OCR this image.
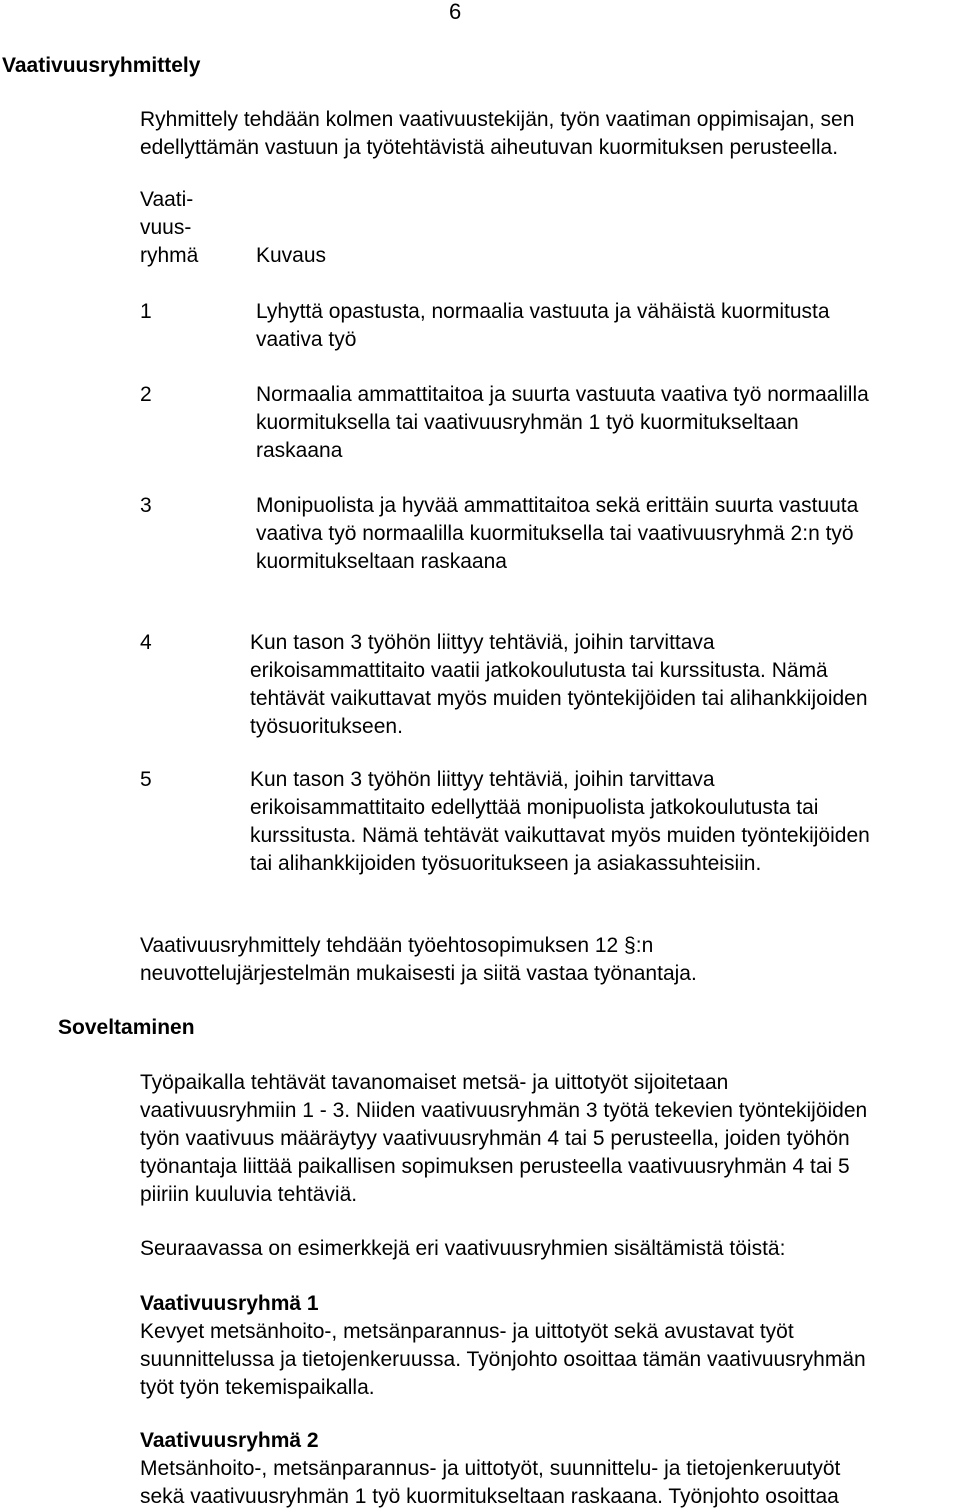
6
Vaativuusryhmittely
Ryhmittely tehdään kolmen vaativuustekijän, työn vaatiman oppimisajan, sen
edellyttämän vastuun ja työtehtävistä aiheutuvan kuormituksen perusteella.
Vaati-
vuus-
ryhmä	Kuvaus
1	Lyhyttä opastusta, normaalia vastuuta ja vähäistä kuormitusta
vaativa työ
2	Normaalia ammattitaitoa ja suurta vastuuta vaativa työ normaalilla
kuormituksella tai vaativuusryhmän 1 työ kuormitukseltaan
raskaana
3	Monipuolista ja hyvää ammattitaitoa sekä erittäin suurta vastuuta
vaativa työ normaalilla kuormituksella tai vaativuusryhmä 2:n työ
kuormitukseltaan raskaana
4	Kun tason 3 työhön liittyy tehtäviä, joihin tarvittava
erikoisammattitaito vaatii jatkokoulutusta tai kurssitusta. Nämä
tehtävät vaikuttavat myös muiden työntekijöiden tai alihankkijoiden
työsuoritukseen.
5	Kun tason 3 työhön liittyy tehtäviä, joihin tarvittava
erikoisammattitaito edellyttää monipuolista jatkokoulutusta tai
kurssitusta. Nämä tehtävät vaikuttavat myös muiden työntekijöiden
tai alihankkijoiden työsuoritukseen ja asiakassuhteisiin.
Vaativuusryhmittely tehdään työehtosopimuksen 12 §:n
neuvottelujärjestelmän mukaisesti ja siitä vastaa työnantaja.
Soveltaminen
Työpaikalla tehtävät tavanomaiset metsä- ja uittotyöt sijoitetaan
vaativuusryhmiin 1 - 3. Niiden vaativuusryhmän 3 työtä tekevien työntekijöiden
työn vaativuus määräytyy vaativuusryhmän 4 tai 5 perusteella, joiden työhön
työnantaja liittää paikallisen sopimuksen perusteella vaativuusryhmän 4 tai 5
piiriin kuuluvia tehtäviä.
Seuraavassa on esimerkkejä eri vaativuusryhmien sisältämistä töistä:
Vaativuusryhmä 1
Kevyet metsänhoito-, metsänparannus- ja uittotyöt sekä avustavat työt
suunnittelussa ja tietojenkeruussa. Työnjohto osoittaa tämän vaativuusryhmän
työt työn tekemispaikalla.
Vaativuusryhmä 2
Metsänhoito-, metsänparannus- ja uittotyöt, suunnittelu- ja tietojenkeruutyöt
sekä vaativuusryhmän 1 työ kuormitukseltaan raskaana. Työnjohto osoittaa
